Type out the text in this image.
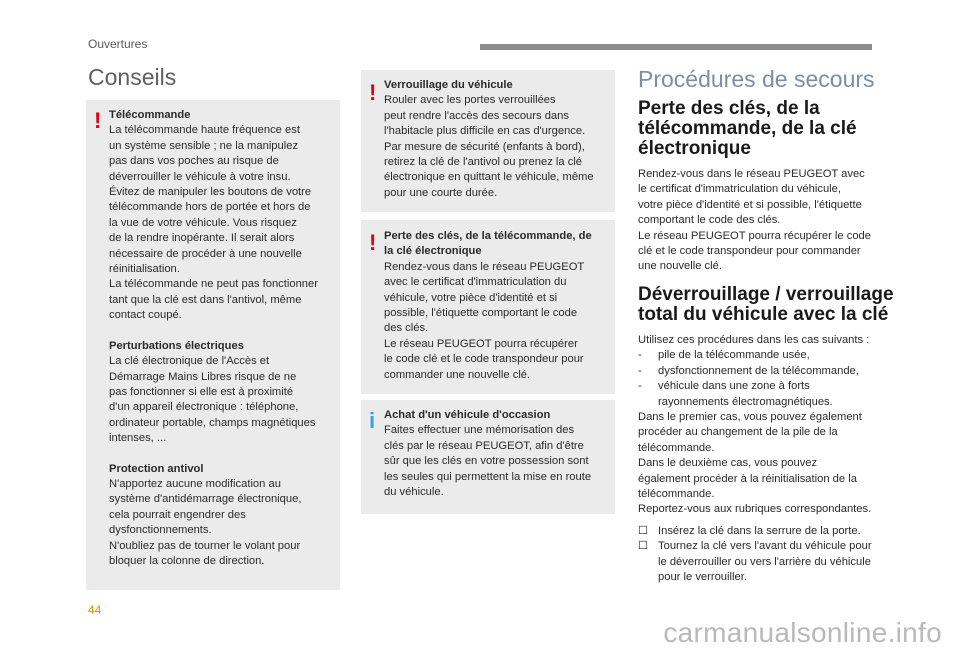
Ouvertures
Conseils
! Télécommande
La télécommande haute fréquence est
un système sensible ; ne la manipulez
pas dans vos poches au risque de
déverrouiller le véhicule à votre insu.
Évitez de manipuler les boutons de votre
télécommande hors de portée et hors de
la vue de votre véhicule. Vous risquez
de la rendre inopérante. Il serait alors
nécessaire de procéder à une nouvelle
réinitialisation.
La télécommande ne peut pas fonctionner
tant que la clé est dans l'antivol, même
contact coupé.
Perturbations électriques
La clé électronique de l'Accès et
Démarrage Mains Libres risque de ne
pas fonctionner si elle est à proximité
d'un appareil électronique : téléphone,
ordinateur portable, champs magnétiques
intenses, ...
Protection antivol
N'apportez aucune modification au
système d'antidémarrage électronique,
cela pourrait engendrer des
dysfonctionnements.
N'oubliez pas de tourner le volant pour
bloquer la colonne de direction.
! Verrouillage du véhicule
Rouler avec les portes verrouillées
peut rendre l'accès des secours dans
l'habitacle plus difficile en cas d'urgence.
Par mesure de sécurité (enfants à bord),
retirez la clé de l'antivol ou prenez la clé
électronique en quittant le véhicule, même
pour une courte durée.
! Perte des clés, de la télécommande, de
la clé électronique
Rendez-vous dans le réseau PEUGEOT
avec le certificat d'immatriculation du
véhicule, votre pièce d'identité et si
possible, l'étiquette comportant le code
des clés.
Le réseau PEUGEOT pourra récupérer
le code clé et le code transpondeur pour
commander une nouvelle clé.
i Achat d'un véhicule d'occasion
Faites effectuer une mémorisation des
clés par le réseau PEUGEOT, afin d'être
sûr que les clés en votre possession sont
les seules qui permettent la mise en route
du véhicule.
Procédures de secours
Perte des clés, de la
télécommande, de la clé
électronique
Rendez-vous dans le réseau PEUGEOT avec
le certificat d'immatriculation du véhicule,
votre pièce d'identité et si possible, l'étiquette
comportant le code des clés.
Le réseau PEUGEOT pourra récupérer le code
clé et le code transpondeur pour commander
une nouvelle clé.
Déverrouillage / verrouillage
total du véhicule avec la clé
Utilisez ces procédures dans les cas suivants :
- pile de la télécommande usée,
- dysfonctionnement de la télécommande,
- véhicule dans une zone à forts
rayonnements électromagnétiques.
Dans le premier cas, vous pouvez également
procéder au changement de la pile de la
télécommande.
Dans le deuxième cas, vous pouvez
également procéder à la réinitialisation de la
télécommande.
Reportez-vous aux rubriques correspondantes.
☐ Insérez la clé dans la serrure de la porte.
☐ Tournez la clé vers l'avant du véhicule pour
le déverrouiller ou vers l'arrière du véhicule
pour le verrouiller.
44
carmanualsonline.info
